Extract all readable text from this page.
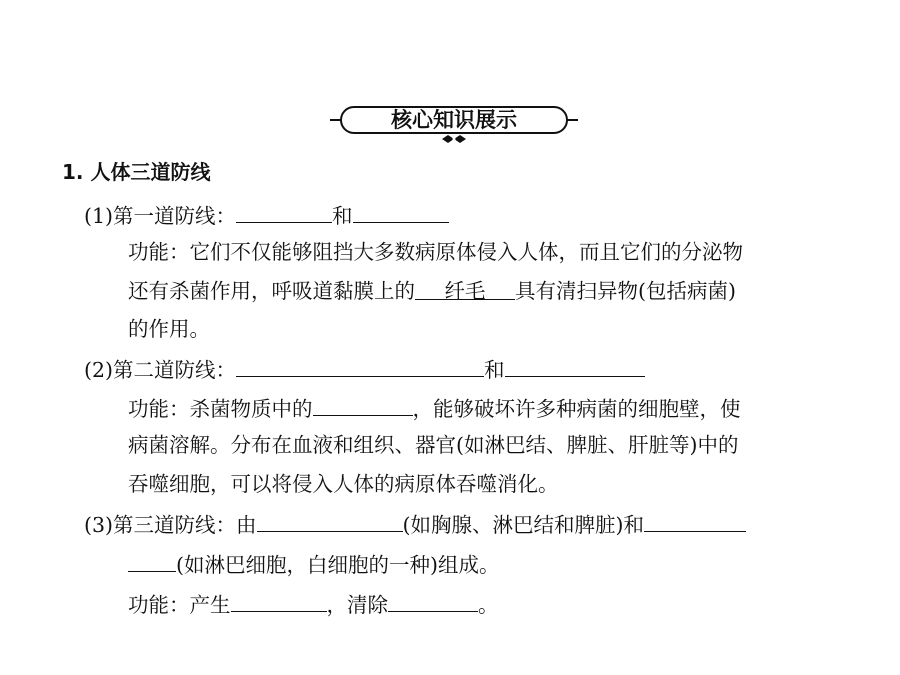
核心知识展示
1. 人体三道防线
(1)第一道防线：	和
功能：它们不仅能够阻挡大多数病原体侵入人体，而且它们的分泌物
还有杀菌作用，呼吸道黏膜上的 纤毛 具有清扫异物(包括病菌)
的作用。
(2)第二道防线：	和
功能：杀菌物质中的	，能够破坏许多种病菌的细胞壁，使
病菌溶解。分布在血液和组织、器官(如淋巴结、脾脏、肝脏等)中的
吞噬细胞，可以将侵入人体的病原体吞噬消化。
(3)第三道防线：由	(如胸腺、淋巴结和脾脏)和
(如淋巴细胞，白细胞的一种)组成。
功能：产生	，清除	。
